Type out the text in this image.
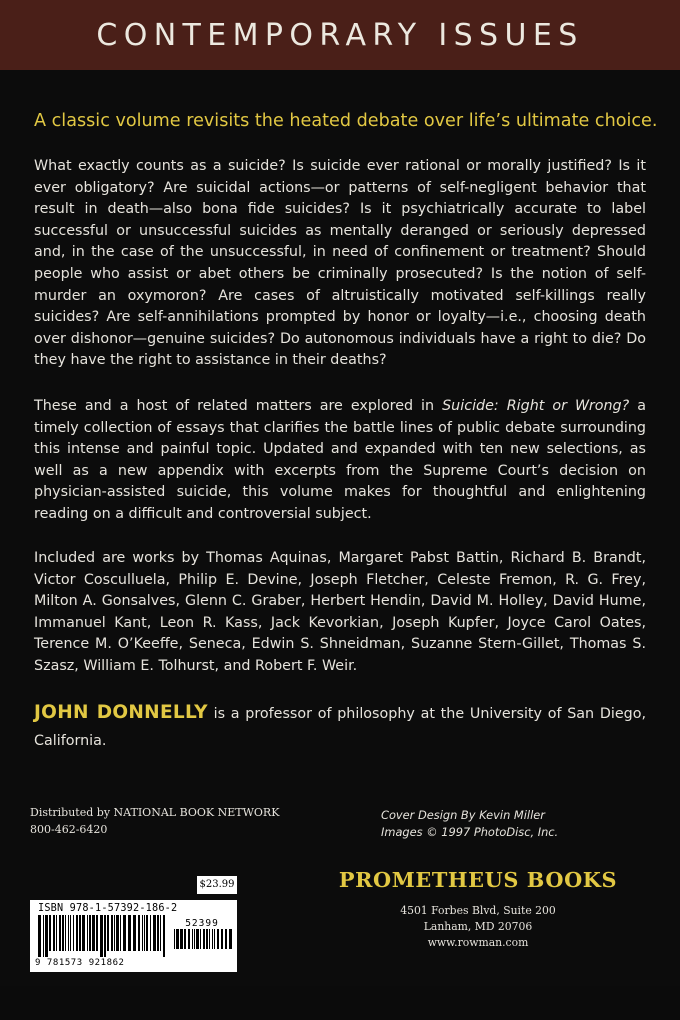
CONTEMPORARY ISSUES
A classic volume revisits the heated debate over life’s ultimate choice.

What exactly counts as a suicide? Is suicide ever rational or morally justified? Is it ever obligatory? Are suicidal actions—or patterns of self-negligent behavior that result in death—also bona fide suicides? Is it psychiatrically accurate to label successful or unsuccessful suicides as mentally deranged or seriously depressed and, in the case of the unsuccessful, in need of confinement or treatment? Should people who assist or abet others be criminally prosecuted? Is the notion of self-murder an oxymoron? Are cases of altruistically motivated self-killings really suicides? Are self-annihilations prompted by honor or loyalty—i.e., choosing death over dishonor—genuine suicides? Do autonomous individuals have a right to die? Do they have the right to assistance in their deaths?

These and a host of related matters are explored in Suicide: Right or Wrong? a timely collection of essays that clarifies the battle lines of public debate surrounding this intense and painful topic. Updated and expanded with ten new selections, as well as a new appendix with excerpts from the Supreme Court’s decision on physician-assisted suicide, this volume makes for thoughtful and enlightening reading on a difficult and controversial subject.

Included are works by Thomas Aquinas, Margaret Pabst Battin, Richard B. Brandt, Victor Cosculluela, Philip E. Devine, Joseph Fletcher, Celeste Fremon, R. G. Frey, Milton A. Gonsalves, Glenn C. Graber, Herbert Hendin, David M. Holley, David Hume, Immanuel Kant, Leon R. Kass, Jack Kevorkian, Joseph Kupfer, Joyce Carol Oates, Terence M. O’Keeffe, Seneca, Edwin S. Shneidman, Suzanne Stern-Gillet, Thomas S. Szasz, William E. Tolhurst, and Robert F. Weir.

JOHN DONNELLY is a professor of philosophy at the University of San Diego, California.

Distributed by NATIONAL BOOK NETWORK
800-462-6420
Cover Design By Kevin Miller
Images © 1997 PhotoDisc, Inc.
PROMETHEUS BOOKS
4501 Forbes Blvd, Suite 200
Lanham, MD 20706
www.rowman.com
$23.99
ISBN 978-1-57392-186-2
52399
9 781573 921862
